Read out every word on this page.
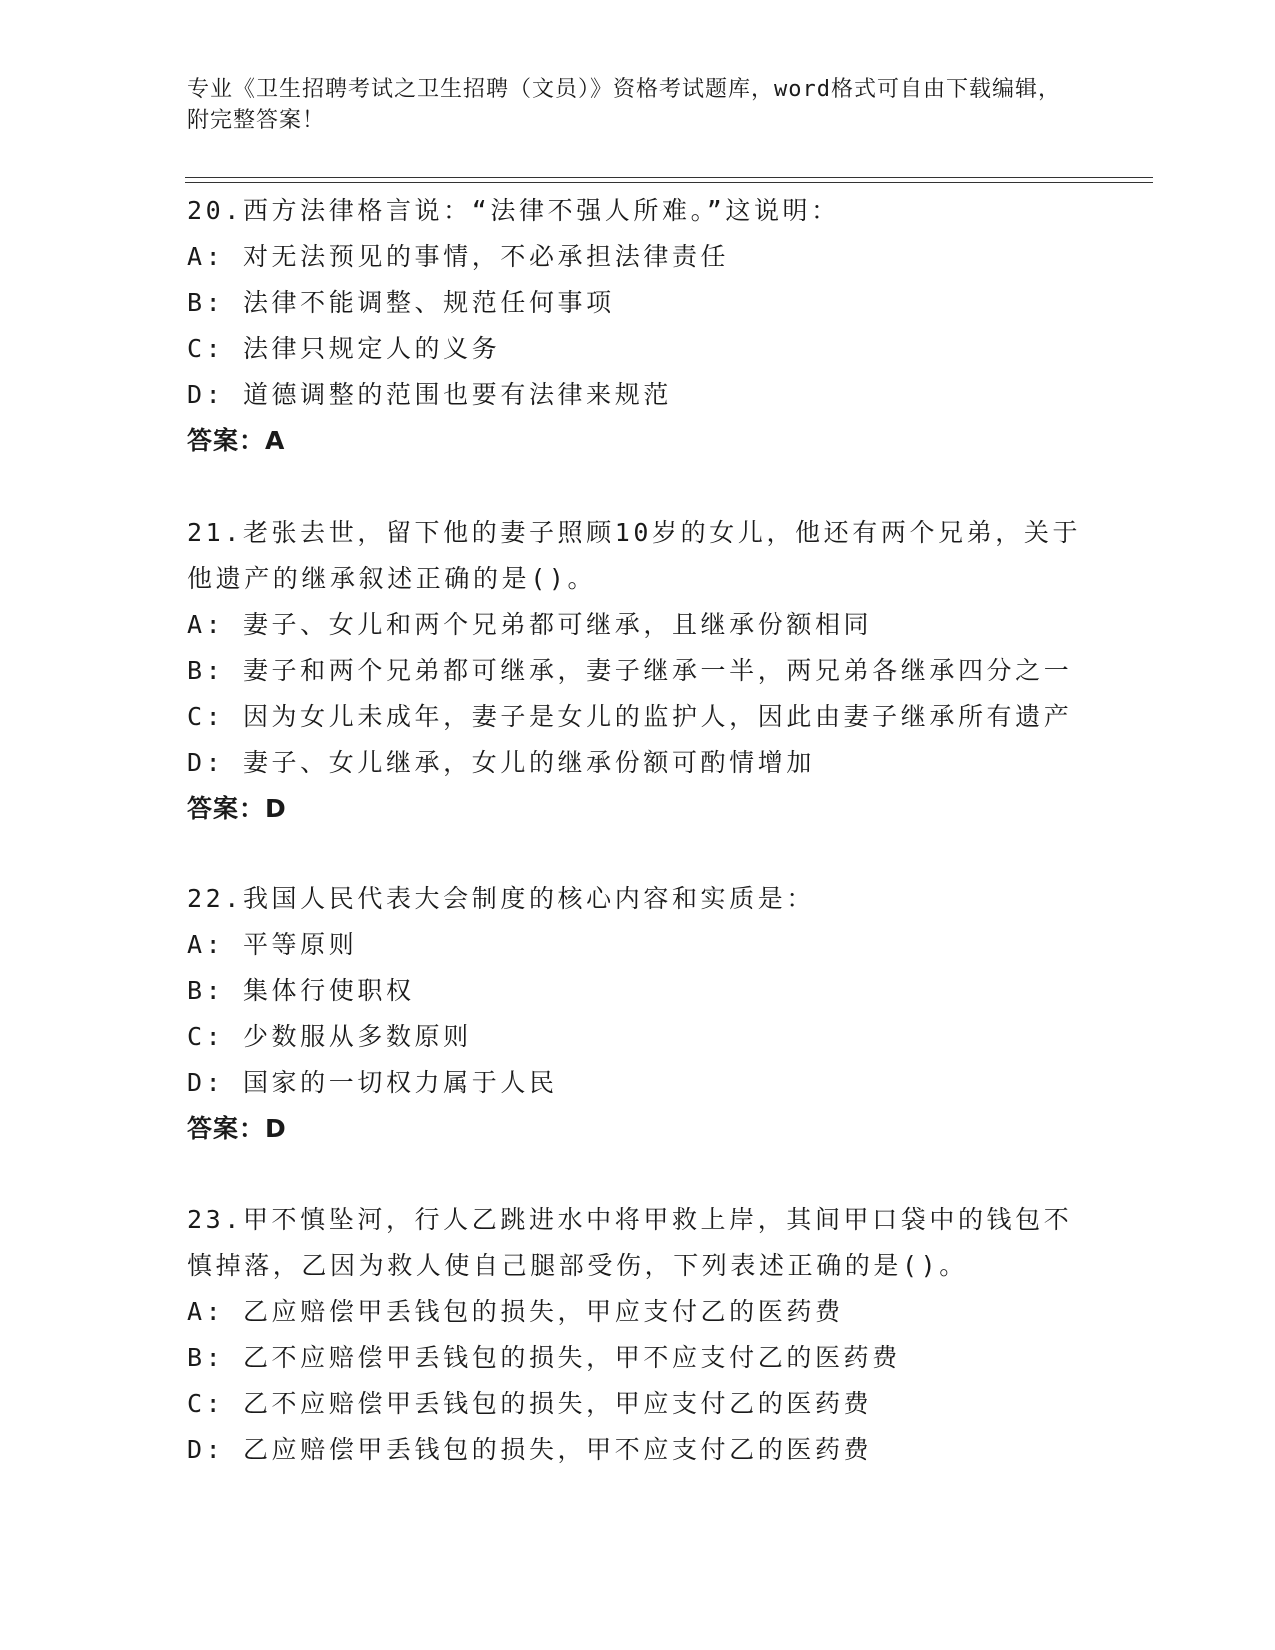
专业《卫生招聘考试之卫生招聘（文员）》资格考试题库，word格式可自由下载编辑，附完整答案！
20.西方法律格言说：“法律不强人所难。”这说明：
A: 对无法预见的事情，不必承担法律责任
B: 法律不能调整、规范任何事项
C: 法律只规定人的义务
D: 道德调整的范围也要有法律来规范
答案：A
21.老张去世，留下他的妻子照顾10岁的女儿，他还有两个兄弟，关于他遗产的继承叙述正确的是()。
A: 妻子、女儿和两个兄弟都可继承，且继承份额相同
B: 妻子和两个兄弟都可继承，妻子继承一半，两兄弟各继承四分之一
C: 因为女儿未成年，妻子是女儿的监护人，因此由妻子继承所有遗产
D: 妻子、女儿继承，女儿的继承份额可酌情增加
答案：D
22.我国人民代表大会制度的核心内容和实质是：
A: 平等原则
B: 集体行使职权
C: 少数服从多数原则
D: 国家的一切权力属于人民
答案：D
23.甲不慎坠河，行人乙跳进水中将甲救上岸，其间甲口袋中的钱包不慎掉落，乙因为救人使自己腿部受伤，下列表述正确的是()。
A: 乙应赔偿甲丢钱包的损失，甲应支付乙的医药费
B: 乙不应赔偿甲丢钱包的损失，甲不应支付乙的医药费
C: 乙不应赔偿甲丢钱包的损失，甲应支付乙的医药费
D: 乙应赔偿甲丢钱包的损失，甲不应支付乙的医药费
